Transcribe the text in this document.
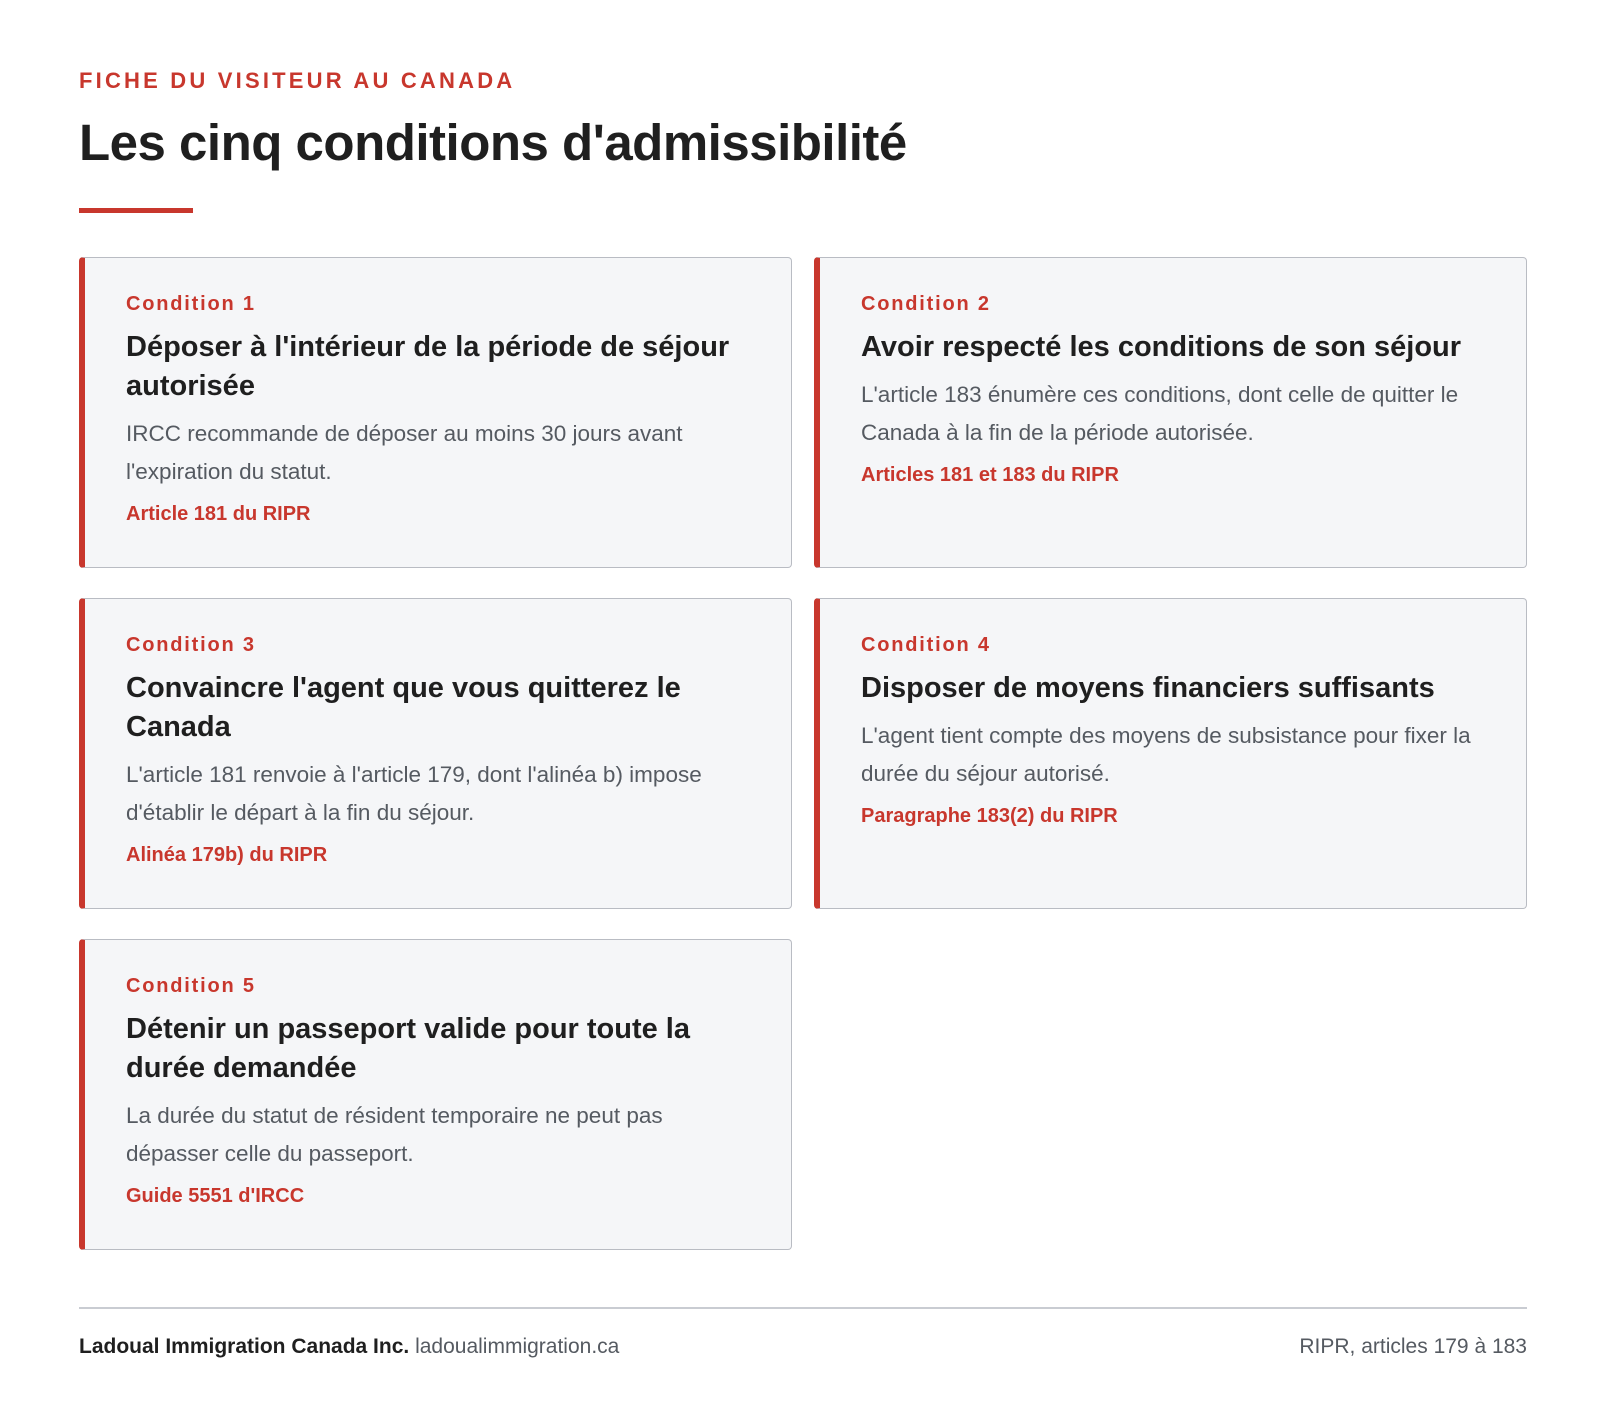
FICHE DU VISITEUR AU CANADA

Les cinq conditions d'admissibilité
Condition 1
Déposer à l'intérieur de la période de séjour autorisée
IRCC recommande de déposer au moins 30 jours avant l'expiration du statut.
Article 181 du RIPR
Condition 2
Avoir respecté les conditions de son séjour
L'article 183 énumère ces conditions, dont celle de quitter le Canada à la fin de la période autorisée.
Articles 181 et 183 du RIPR
Condition 3
Convaincre l'agent que vous quitterez le Canada
L'article 181 renvoie à l'article 179, dont l'alinéa b) impose d'établir le départ à la fin du séjour.
Alinéa 179b) du RIPR
Condition 4
Disposer de moyens financiers suffisants
L'agent tient compte des moyens de subsistance pour fixer la durée du séjour autorisé.
Paragraphe 183(2) du RIPR
Condition 5
Détenir un passeport valide pour toute la durée demandée
La durée du statut de résident temporaire ne peut pas dépasser celle du passeport.
Guide 5551 d'IRCC
Ladoual Immigration Canada Inc. ladoualimmigration.ca	RIPR, articles 179 à 183
